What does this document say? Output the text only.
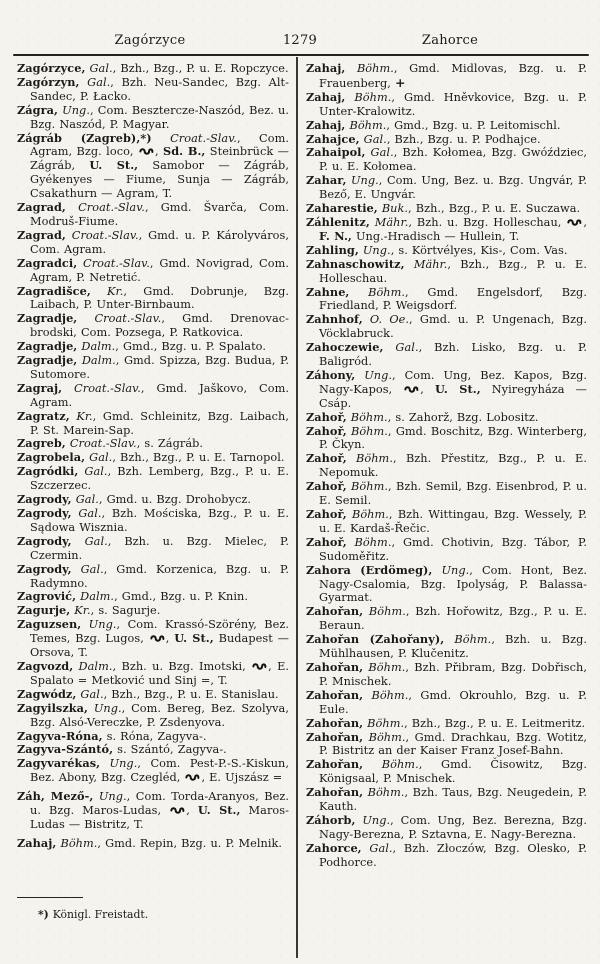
Zagórzyce	1279	Zahorce

Zagórzyce, Gal., Bzh., Bzg., P. u. E. Ropczyce.

Zagórzyn, Gal., Bzh. Neu-Sandec, Bzg. Alt-Sandec, P. Łacko.

Zágra, Ung., Com. Besztercze-Naszód, Bez. u. Bzg. Naszód, P. Magyar.

Zágráb (Zagreb),*) Croat.-Slav., Com. Agram, Bzg. loco, , Sd. B., Steinbrück — Zágráb, U. St., Samobor — Zágráb, Gyékenyes — Fiume, Sunja — Zágráb, Csakathurn — Agram, T.

Zagrad, Croat.-Slav., Gmd. Švarča, Com. Modruš-Fiume.

Zagrad, Croat.-Slav., Gmd. u. P. Károlyváros, Com. Agram.

Zagradci, Croat.-Slav., Gmd. Novigrad, Com. Agram, P. Netretić.

Zagradišce, Kr., Gmd. Dobrunje, Bzg. Laibach, P. Unter-Birnbaum.

Zagradje, Croat.-Slav., Gmd. Drenovac-brodski, Com. Pozsega, P. Ratkovica.

Zagradje, Dalm., Gmd., Bzg. u. P. Spalato.

Zagradje, Dalm., Gmd. Spizza, Bzg. Budua, P. Sutomore.

Zagraj, Croat.-Slav., Gmd. Jaškovo, Com. Agram.

Zagratz, Kr., Gmd. Schleinitz, Bzg. Laibach, P. St. Marein-Sap.

Zagreb, Croat.-Slav., s. Zágráb.

Zagrobela, Gal., Bzh., Bzg., P. u. E. Tarnopol.

Zagródki, Gal., Bzh. Lemberg, Bzg., P. u. E. Szczerzec.

Zagrody, Gal., Gmd. u. Bzg. Drohobycz.

Zagrody, Gal., Bzh. Mościska, Bzg., P. u. E. Sądowa Wisznia.

Zagrody, Gal., Bzh. u. Bzg. Mielec, P. Czermin.

Zagrody, Gal., Gmd. Korzenica, Bzg. u. P. Radymno.

Zagrović, Dalm., Gmd., Bzg. u. P. Knin.

Zagurje, Kr., s. Sagurje.

Zaguzsen, Ung., Com. Krassó-Szörény, Bez. Temes, Bzg. Lugos, , U. St., Budapest — Orsova, T.

Zagvozd, Dalm., Bzh. u. Bzg. Imotski, , E. Spalato = Metković und Sinj =, T.

Zagwódz, Gal., Bzh., Bzg., P. u. E. Stanislau.

Zagyilszka, Ung., Com. Bereg, Bez. Szolyva, Bzg. Alsó-Vereczke, P. Zsdenyova.

Zagyva-Róna, s. Róna, Zagyva-.

Zagyva-Szántó, s. Szántó, Zagyva-.

Zagyvarékas, Ung., Com. Pest-P.-S.-Kiskun, Bez. Abony, Bzg. Czegléd, , E. Ujszász =

Záh, Mező-, Ung., Com. Torda-Aranyos, Bez. u. Bzg. Maros-Ludas, , U. St., Maros-Ludas — Bistritz, T.

Zahaj, Böhm., Gmd. Repin, Bzg. u. P. Melnik.

Zahaj, Böhm., Gmd. Midlovas, Bzg. u. P. Frauenberg, +

Zahaj, Böhm., Gmd. Hněvkovice, Bzg. u. P. Unter-Kralowitz.

Zahaj, Böhm., Gmd., Bzg. u. P. Leitomischl.

Zahajce, Gal., Bzh., Bzg. u. P. Podhajce.

Zahaipol, Gal., Bzh. Kołomea, Bzg. Gwóździec, P. u. E. Kołomea.

Zahar, Ung., Com. Ung, Bez. u. Bzg. Ungvár, P. Bező, E. Ungvár.

Zaharestie, Buk., Bzh., Bzg., P. u. E. Suczawa.

Záhlenitz, Mähr., Bzh. u. Bzg. Holleschau, , F. N., Ung.-Hradisch — Hullein, T.

Zahling, Ung., s. Körtvélyes, Kis-, Com. Vas.

Zahnaschowitz, Mähr., Bzh., Bzg., P. u. E. Holleschau.

Zahne, Böhm., Gmd. Engelsdorf, Bzg. Friedland, P. Weigsdorf.

Zahnhof, O. Oe., Gmd. u. P. Ungenach, Bzg. Vöcklabruck.

Zahoczewie, Gal., Bzh. Lisko, Bzg. u. P. Baligród.

Záhony, Ung., Com. Ung, Bez. Kapos, Bzg. Nagy-Kapos, , U. St., Nyiregyháza — Csáp.

Zahoř, Böhm., s. Zahorž, Bzg. Lobositz.

Zahoř, Böhm., Gmd. Boschitz, Bzg. Winterberg, P. Čkyn.

Zahoř, Böhm., Bzh. Přestitz, Bzg., P. u. E. Nepomuk.

Zahoř, Böhm., Bzh. Semil, Bzg. Eisenbrod, P. u. E. Semil.

Zahoř, Böhm., Bzh. Wittingau, Bzg. Wessely, P. u. E. Kardaš-Řečic.

Zahoř, Böhm., Gmd. Chotivin, Bzg. Tábor, P. Sudoměřitz.

Zahora (Erdömeg), Ung., Com. Hont, Bez. Nagy-Csalomia, Bzg. Ipolyság, P. Balassa-Gyarmat.

Zahořan, Böhm., Bzh. Hořowitz, Bzg., P. u. E. Beraun.

Zahořan (Zahořany), Böhm., Bzh. u. Bzg. Mühlhausen, P. Klučenitz.

Zahořan, Böhm., Bzh. Přibram, Bzg. Dobřisch, P. Mnischek.

Zahořan, Böhm., Gmd. Okrouhlo, Bzg. u. P. Eule.

Zahořan, Böhm., Bzh., Bzg., P. u. E. Leitmeritz.

Zahořan, Böhm., Gmd. Drachkau, Bzg. Wotitz, P. Bistritz an der Kaiser Franz Josef-Bahn.

Zahořan, Böhm., Gmd. Čisowitz, Bzg. Königsaal, P. Mnischek.

Zahořan, Böhm., Bzh. Taus, Bzg. Neugedein, P. Kauth.

Záhorb, Ung., Com. Ung, Bez. Berezna, Bzg. Nagy-Berezna, P. Sztavna, E. Nagy-Berezna.

Zahorce, Gal., Bzh. Złoczów, Bzg. Olesko, P. Podhorce.

*) Königl. Freistadt.
